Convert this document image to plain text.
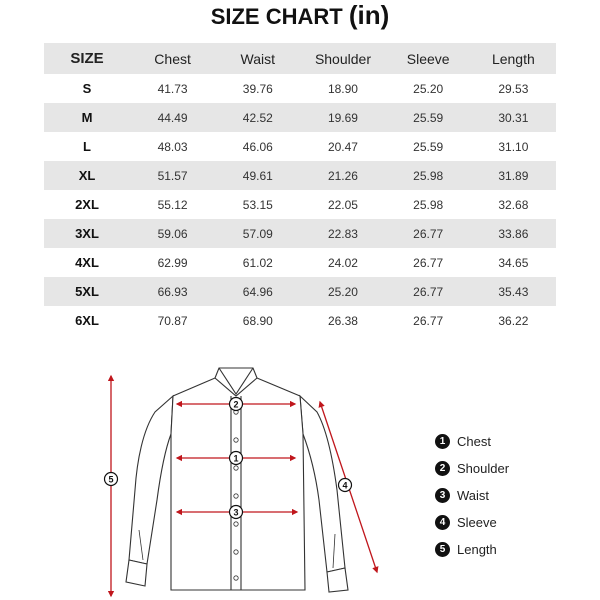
SIZE CHART (in)
SIZE	Chest	Waist	Shoulder	Sleeve	Length
S	41.73	39.76	18.90	25.20	29.53
M	44.49	42.52	19.69	25.59	30.31
L	48.03	46.06	20.47	25.59	31.10
XL	51.57	49.61	21.26	25.98	31.89
2XL	55.12	53.15	22.05	25.98	32.68
3XL	59.06	57.09	22.83	26.77	33.86
4XL	62.99	61.02	24.02	26.77	34.65
5XL	66.93	64.96	25.20	26.77	35.43
6XL	70.87	68.90	26.38	26.77	36.22
2
1
3
4
5
1 Chest
2 Shoulder
3 Waist
4 Sleeve
5 Length
